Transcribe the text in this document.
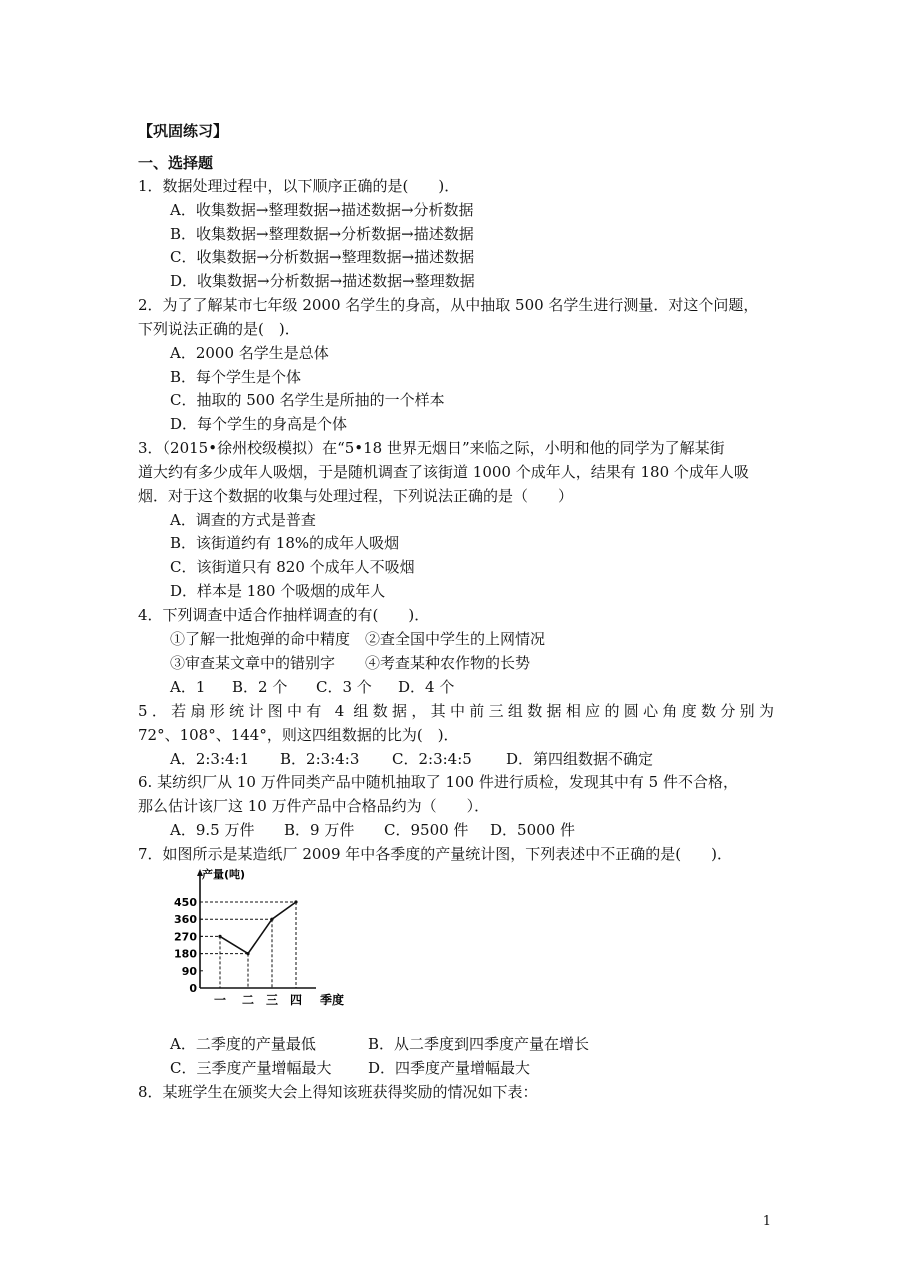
【巩固练习】
一、选择题
1．数据处理过程中，以下顺序正确的是(　　)．
A．收集数据→整理数据→描述数据→分析数据
B．收集数据→整理数据→分析数据→描述数据
C．收集数据→分析数据→整理数据→描述数据
D．收集数据→分析数据→描述数据→整理数据
2．为了了解某市七年级 2000 名学生的身高，从中抽取 500 名学生进行测量．对这个问题，
下列说法正确的是(　)．
A．2000 名学生是总体
B．每个学生是个体
C．抽取的 500 名学生是所抽的一个样本
D．每个学生的身高是个体
3．（2015•徐州校级模拟）在“5•18 世界无烟日”来临之际，小明和他的同学为了解某街
道大约有多少成年人吸烟，于是随机调查了该街道 1000 个成年人，结果有 180 个成年人吸
烟．对于这个数据的收集与处理过程，下列说法正确的是（　　）
A．调查的方式是普查
B．该街道约有 18%的成年人吸烟
C．该街道只有 820 个成年人不吸烟
D．样本是 180 个吸烟的成年人
4．下列调查中适合作抽样调查的有(　　)．
①了解一批炮弹的命中精度　②查全国中学生的上网情况
③审查某文章中的错别字　　④考查某种农作物的长势
A．1 B．2 个 C．3 个 D．4 个
5．若扇形统计图中有 4 组数据，其中前三组数据相应的圆心角度数分别为
72°、108°、144°，则这四组数据的比为(　)．
A．2:3:4:1 B．2:3:4:3 C．2:3:4:5 D．第四组数据不确定
6. 某纺织厂从 10 万件同类产品中随机抽取了 100 件进行质检，发现其中有 5 件不合格，
那么估计该厂这 10 万件产品中合格品约为（　　）．
A．9.5 万件 B．9 万件 C．9500 件 D．5000 件
7．如图所示是某造纸厂 2009 年中各季度的产量统计图，下列表述中不正确的是(　　)．
产量(吨)
季度
0
90
180
270
360
450
一 二 三 四
A．二季度的产量最低	B．从二季度到四季度产量在增长
C．三季度产量增幅最大 D．四季度产量增幅最大
8．某班学生在颁奖大会上得知该班获得奖励的情况如下表：
1
